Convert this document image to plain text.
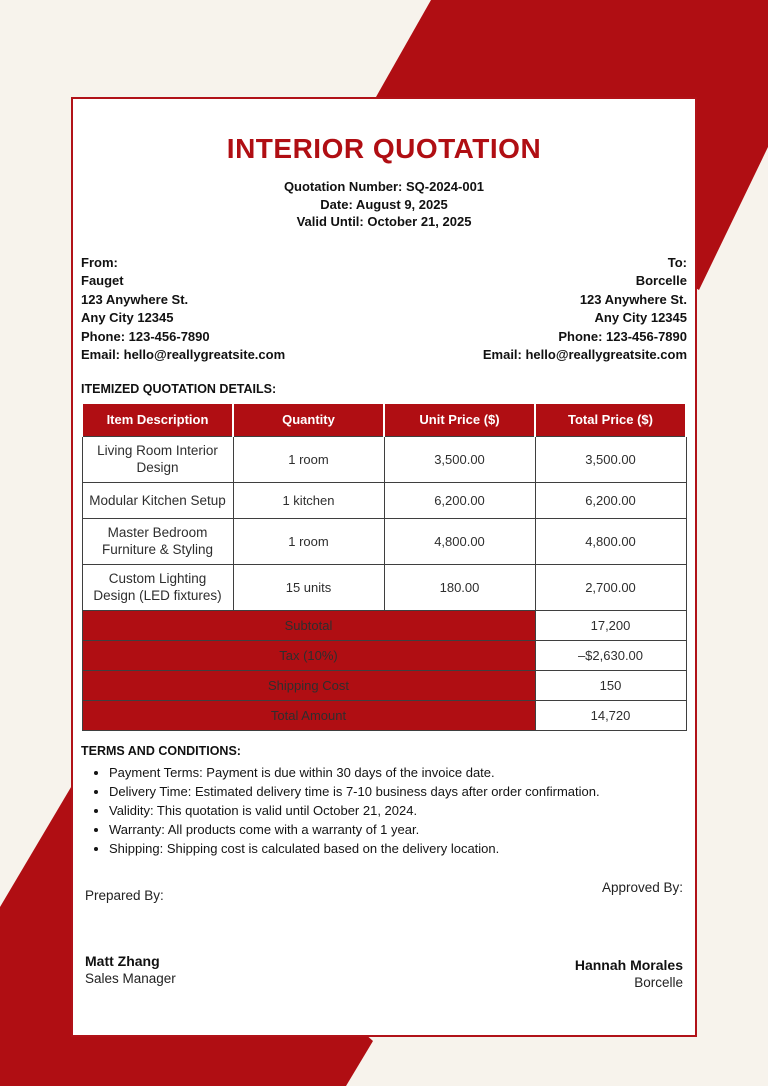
INTERIOR QUOTATION
Quotation Number: SQ-2024-001
Date: August 9, 2025
Valid Until: October 21, 2025
From:
Fauget
123 Anywhere St.
Any City 12345
Phone: 123-456-7890
Email: hello@reallygreatsite.com
To:
Borcelle
123 Anywhere St.
Any City 12345
Phone: 123-456-7890
Email: hello@reallygreatsite.com
ITEMIZED QUOTATION DETAILS:
Item Description	Quantity	Unit Price ($)	Total Price ($)
Living Room Interior Design	1 room	3,500.00	3,500.00
Modular Kitchen Setup	1 kitchen	6,200.00	6,200.00
Master Bedroom Furniture & Styling	1 room	4,800.00	4,800.00
Custom Lighting Design (LED fixtures)	15 units	180.00	2,700.00
Subtotal			17,200
Tax (10%)			–$2,630.00
Shipping Cost			150
Total Amount			14,720
TERMS AND CONDITIONS:
• Payment Terms: Payment is due within 30 days of the invoice date.
• Delivery Time: Estimated delivery time is 7-10 business days after order confirmation.
• Validity: This quotation is valid until October 21, 2024.
• Warranty: All products come with a warranty of 1 year.
• Shipping: Shipping cost is calculated based on the delivery location.
Prepared By:
Matt Zhang
Sales Manager
Approved By:
Hannah Morales
Borcelle
